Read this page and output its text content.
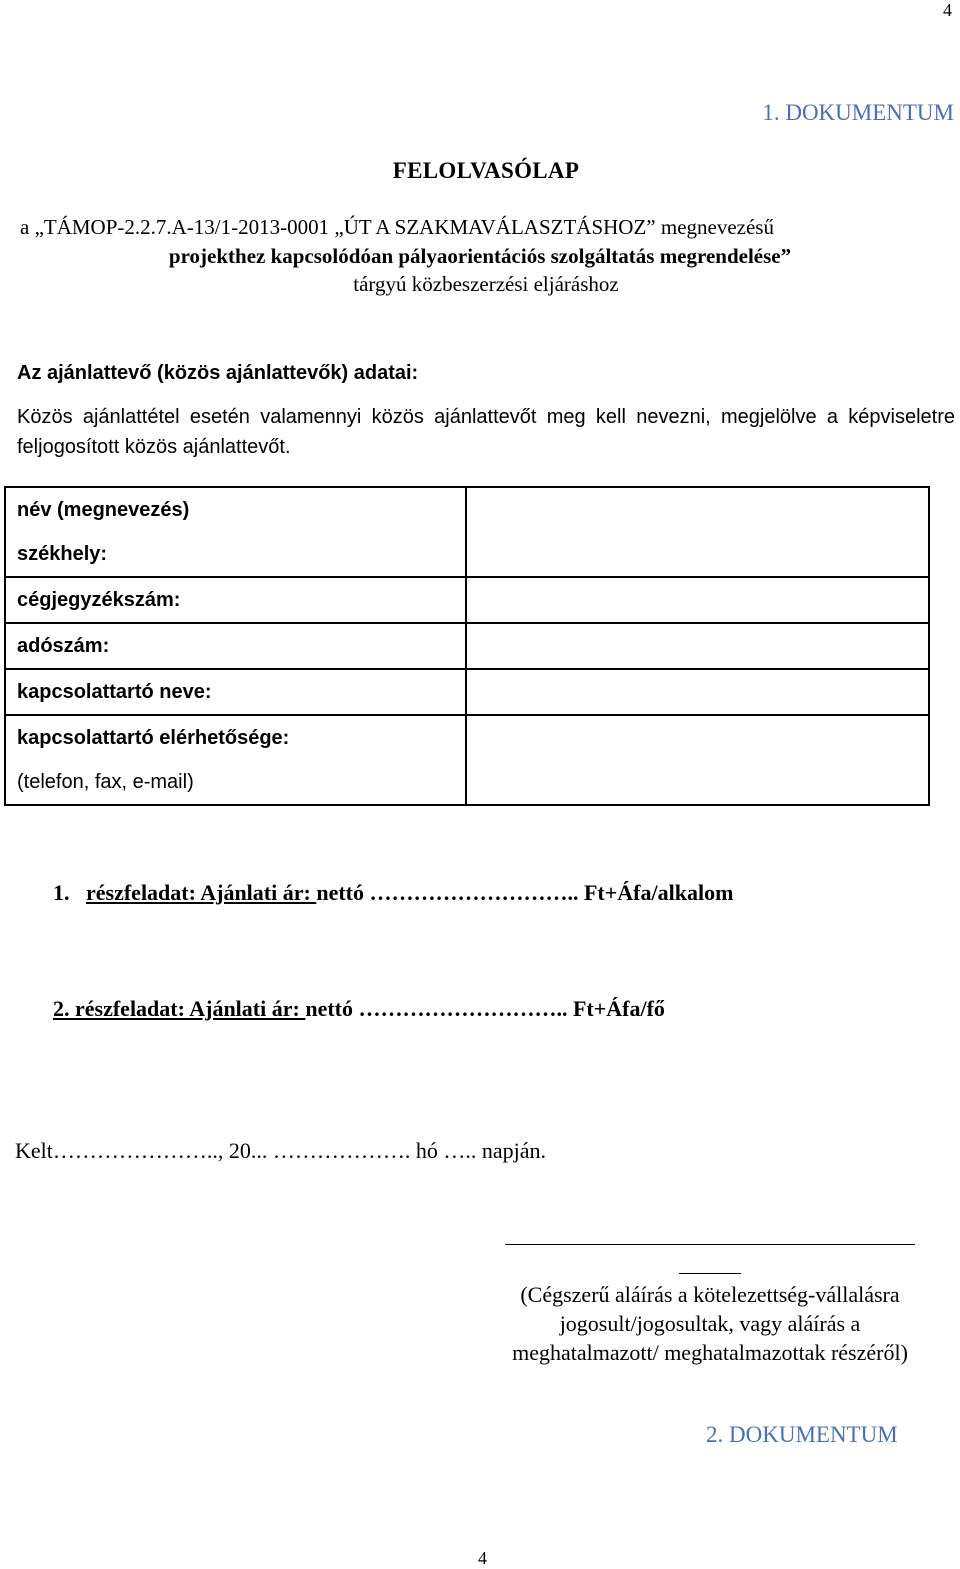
4
1. DOKUMENTUM
FELOLVASÓLAP
a „TÁMOP-2.2.7.A-13/1-2013-0001 „ÚT A SZAKMAVÁLASZTÁSHOZ” megnevezésű
projekthez kapcsolódóan pályaorientációs szolgáltatás megrendelése”
tárgyú közbeszerzési eljáráshoz
Az ajánlattevő (közös ajánlattevők) adatai:
Közös ajánlattétel esetén valamennyi közös ajánlattevőt meg kell nevezni, megjelölve a képviseletre feljogosított közös ajánlattevőt.
név (megnevezés)
székhely:	

cégjegyzékszám:	

adószám:	

kapcsolattartó neve:	

kapcsolattartó elérhetősége:
(telefon, fax, e-mail)	

1. részfeladat: Ajánlati ár: nettó ……………………….. Ft+Áfa/alkalom
2. részfeladat: Ajánlati ár: nettó ……………………….. Ft+Áfa/fő
Kelt………………….., 20... ………………. hó ….. napján.
(Cégszerű aláírás a kötelezettség-vállalásra jogosult/jogosultak, vagy aláírás a meghatalmazott/ meghatalmazottak részéről)
2. DOKUMENTUM
4
